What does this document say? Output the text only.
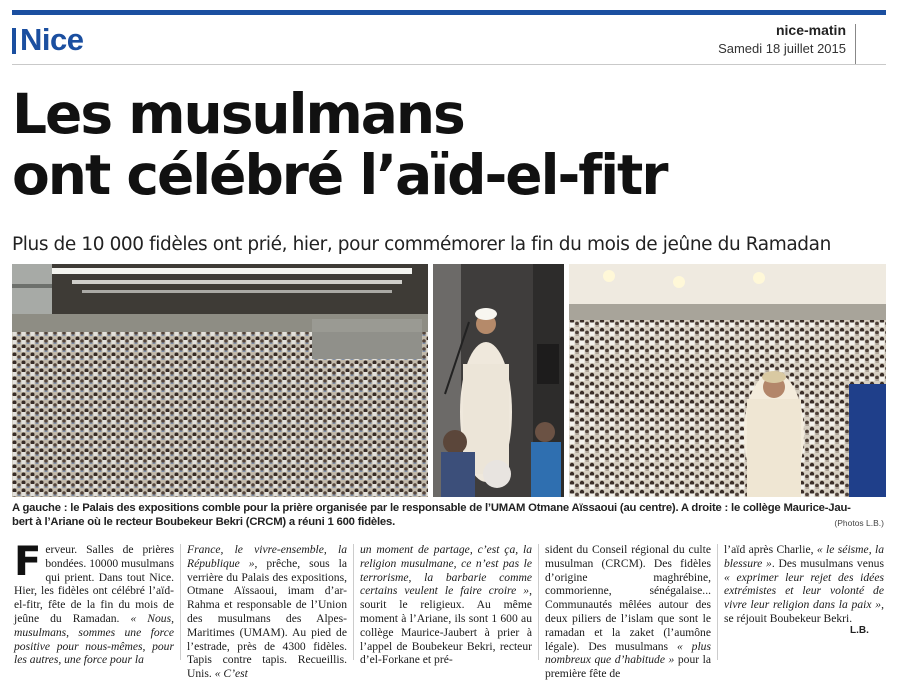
Nice	nice-matin
Samedi 18 juillet 2015
Les musulmans
ont célébré l’aïd-el-fitr

Plus de 10 000 fidèles ont prié, hier, pour commémorer la fin du mois de jeûne du Ramadan

A gauche : le Palais des expositions comble pour la prière organisée par le responsable de l’UMAM Otmane Aïssaoui (au centre). A droite : le collège Maurice-Jau-
bert à l’Ariane où le recteur Boubekeur Bekri (CRCM) a réuni 1 600 fidèles.	(Photos L.B.)

Ferveur. Salles de prières bondées. 10000 musulmans qui prient. Dans tout Nice. Hier, les fidèles ont célébré l’aïd-el-fitr, fête de la fin du mois de jeûne du Ramadan. « Nous, musulmans, sommes une force positive pour nous-mêmes, pour les autres, une force pour la

France, le vivre-ensemble, la République », prêche, sous la verrière du Palais des expositions, Otmane Aïssaoui, imam d’ar-Rahma et responsable de l’Union des musulmans des Alpes-Maritimes (UMAM). Au pied de l’estrade, près de 4300 fidèles. Tapis contre tapis. Recueillis. Unis. « C’est

un moment de partage, c’est ça, la religion musulmane, ce n’est pas le terrorisme, la barbarie comme certains veulent le faire croire », sourit le religieux. Au même moment à l’Ariane, ils sont 1 600 au collège Maurice-Jaubert à prier à l’appel de Boubekeur Bekri, recteur d’el-Forkane et pré-

sident du Conseil régional du culte musulman (CRCM). Des fidèles d’origine maghrébine, commorienne, sénégalaise... Communautés mêlées autour des deux piliers de l’islam que sont le ramadan et la zaket (l’aumône légale). Des musulmans « plus nombreux que d’habitude » pour la première fête de

l’aïd après Charlie, « le séisme, la blessure ». Des musulmans venus « exprimer leur rejet des idées extrémistes et leur volonté de vivre leur religion dans la paix », se réjouit Boubekeur Bekri.

L.B.
